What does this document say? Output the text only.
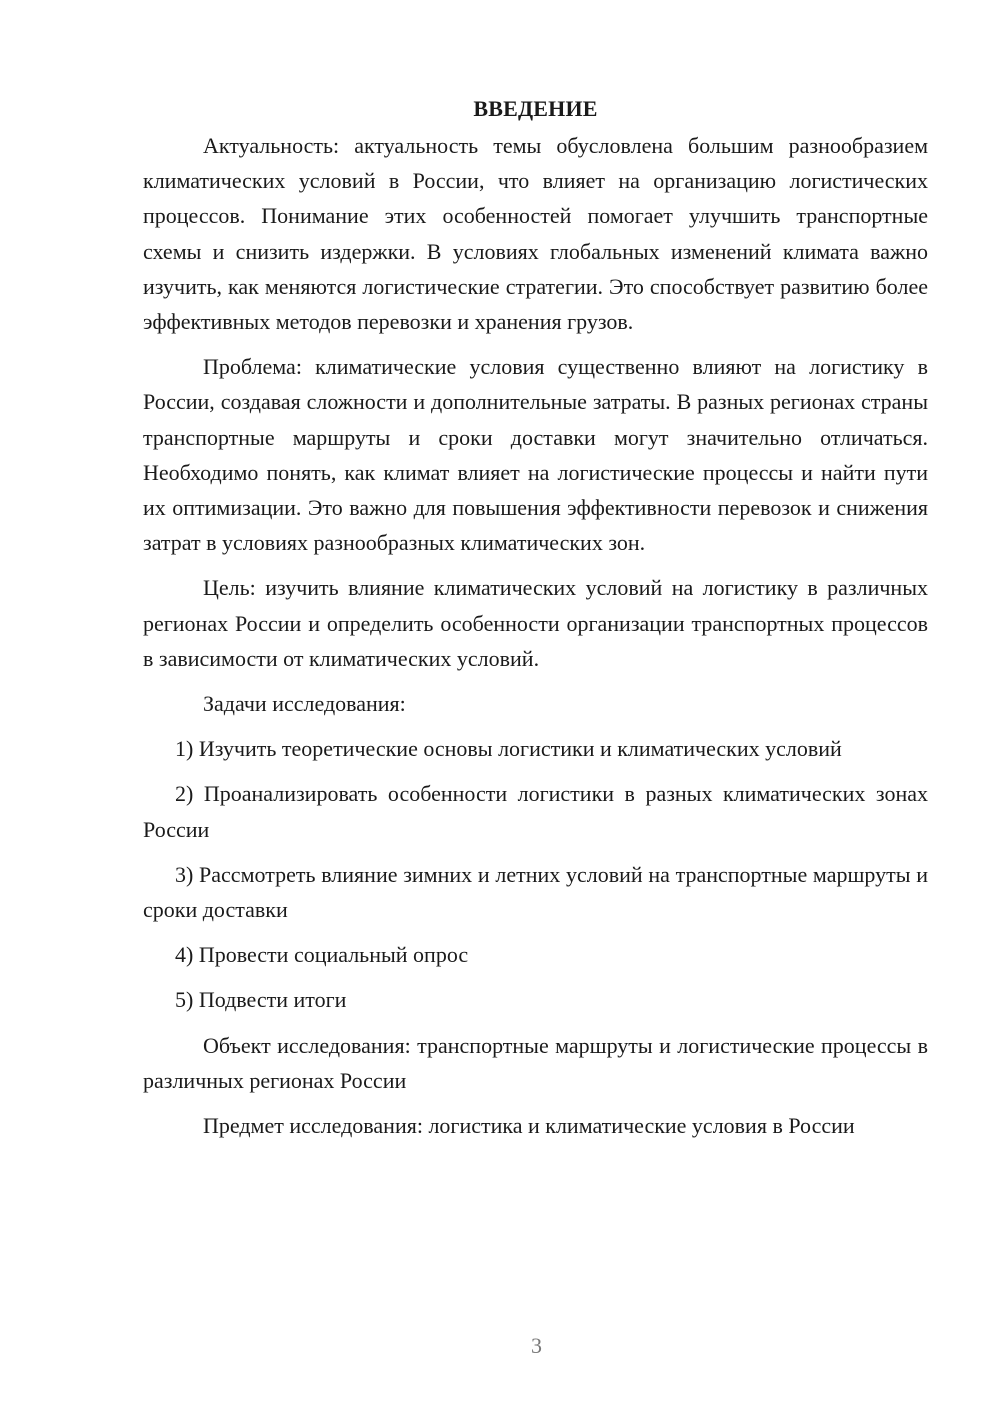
ВВЕДЕНИЕ

Актуальность: актуальность темы обусловлена большим разнообразием климатических условий в России, что влияет на организацию логистических процессов. Понимание этих особенностей помогает улучшить транспортные схемы и снизить издержки. В условиях глобальных изменений климата важно изучить, как меняются логистические стратегии. Это способствует развитию более эффективных методов перевозки и хранения грузов.

Проблема: климатические условия существенно влияют на логистику в России, создавая сложности и дополнительные затраты. В разных регионах страны транспортные маршруты и сроки доставки могут значительно отличаться. Необходимо понять, как климат влияет на логистические процессы и найти пути их оптимизации. Это важно для повышения эффективности перевозок и снижения затрат в условиях разнообразных климатических зон.

Цель: изучить влияние климатических условий на логистику в различных регионах России и определить особенности организации транспортных процессов в зависимости от климатических условий.

Задачи исследования:

1) Изучить теоретические основы логистики и климатических условий

2) Проанализировать особенности логистики в разных климатических зонах России

3) Рассмотреть влияние зимних и летних условий на транспортные маршруты и сроки доставки

4) Провести социальный опрос

5) Подвести итоги

Объект исследования: транспортные маршруты и логистические процессы в различных регионах России

Предмет исследования: логистика и климатические условия в России

3
